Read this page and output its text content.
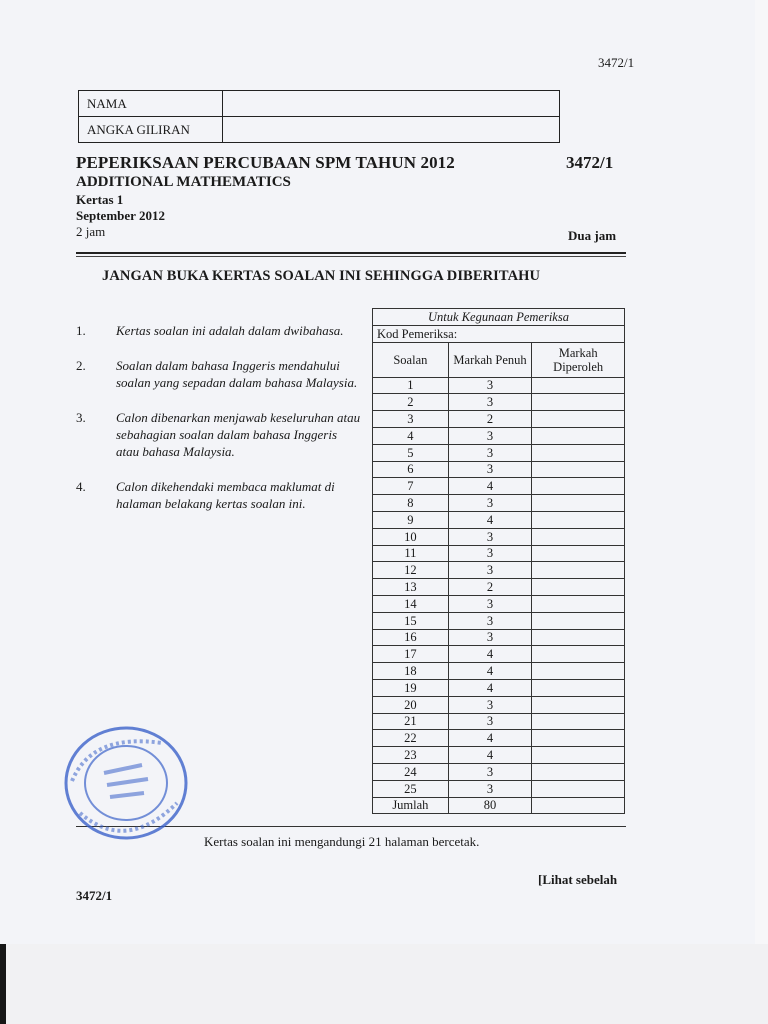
3472/1
NAMA	
ANGKA GILIRAN	
PEPERIKSAAN PERCUBAAN SPM TAHUN 2012	3472/1
ADDITIONAL MATHEMATICS
Kertas 1
September 2012
2 jam	Dua jam
JANGAN BUKA KERTAS SOALAN INI SEHINGGA DIBERITAHU
1.	Kertas soalan ini adalah dalam dwibahasa.
2.	Soalan dalam bahasa Inggeris mendahului soalan yang sepadan dalam bahasa Malaysia.
3.	Calon dibenarkan menjawab keseluruhan atau sebahagian soalan dalam bahasa Inggeris atau bahasa Malaysia.
4.	Calon dikehendaki membaca maklumat di halaman belakang kertas soalan ini.
Untuk Kegunaan Pemeriksa		
Kod Pemeriksa:		
Soalan	Markah Penuh	Markah Diperoleh
1	3	
2	3	
3	2	
4	3	
5	3	
6	3	
7	4	
8	3	
9	4	
10	3	
11	3	
12	3	
13	2	
14	3	
15	3	
16	3	
17	4	
18	4	
19	4	
20	3	
21	3	
22	4	
23	4	
24	3	
25	3	
Jumlah	80	
Kertas soalan ini mengandungi 21 halaman bercetak.
[Lihat sebelah
3472/1
